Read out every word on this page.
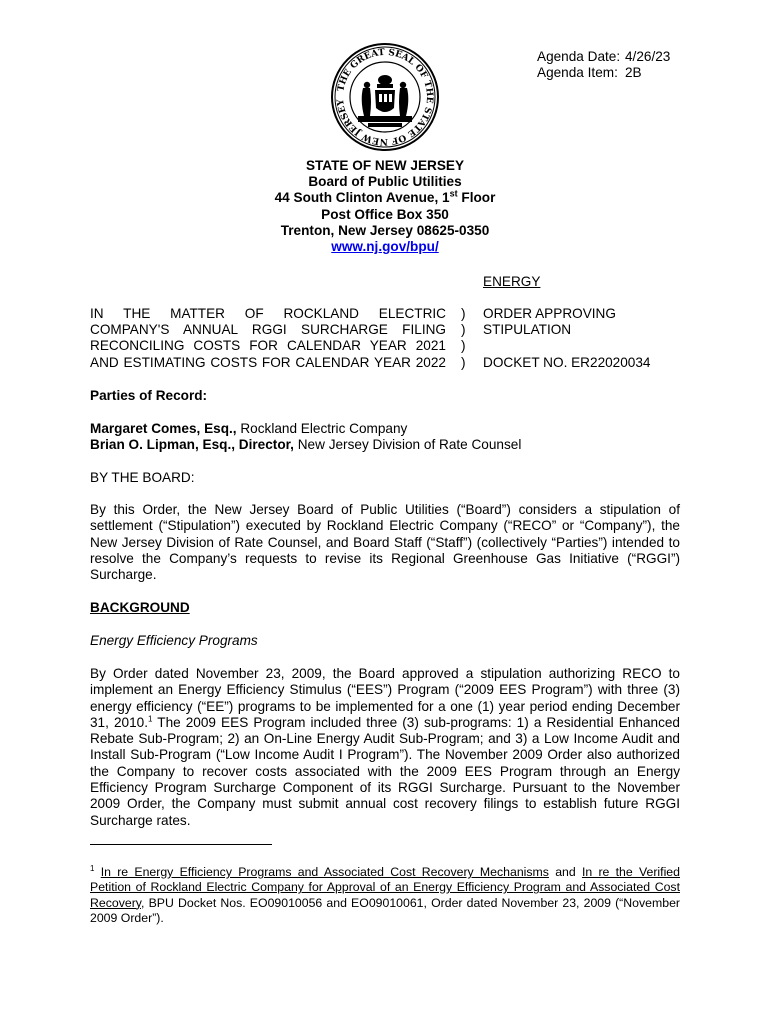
THE GREAT SEAL OF THE STATE OF NEW JERSEY
Agenda Date: 4/26/23
Agenda Item: 2B
STATE OF NEW JERSEY
Board of Public Utilities
44 South Clinton Avenue, 1st Floor
Post Office Box 350
Trenton, New Jersey 08625-0350
www.nj.gov/bpu/
ENERGY
IN THE MATTER OF ROCKLAND ELECTRIC
COMPANY'S ANNUAL RGGI SURCHARGE FILING
RECONCILING COSTS FOR CALENDAR YEAR 2021
AND ESTIMATING COSTS FOR CALENDAR YEAR 2022
)
)
)
)
ORDER APPROVING
STIPULATION

DOCKET NO. ER22020034
Parties of Record:
Margaret Comes, Esq., Rockland Electric Company
Brian O. Lipman, Esq., Director, New Jersey Division of Rate Counsel
BY THE BOARD:
By this Order, the New Jersey Board of Public Utilities (“Board”) considers a stipulation of settlement (“Stipulation”) executed by Rockland Electric Company (“RECO” or “Company”), the New Jersey Division of Rate Counsel, and Board Staff (“Staff”) (collectively “Parties”) intended to resolve the Company’s requests to revise its Regional Greenhouse Gas Initiative (“RGGI”) Surcharge.
BACKGROUND
Energy Efficiency Programs
By Order dated November 23, 2009, the Board approved a stipulation authorizing RECO to implement an Energy Efficiency Stimulus (“EES”) Program (“2009 EES Program”) with three (3) energy efficiency (“EE”) programs to be implemented for a one (1) year period ending December 31, 2010.$^1$ The 2009 EES Program included three (3) sub-programs: 1) a Residential Enhanced Rebate Sub-Program; 2) an On-Line Energy Audit Sub-Program; and 3) a Low Income Audit and Install Sub-Program (“Low Income Audit I Program”). The November 2009 Order also authorized the Company to recover costs associated with the 2009 EES Program through an Energy Efficiency Program Surcharge Component of its RGGI Surcharge. Pursuant to the November 2009 Order, the Company must submit annual cost recovery filings to establish future RGGI Surcharge rates.
$^1$ In re Energy Efficiency Programs and Associated Cost Recovery Mechanisms and In re the Verified Petition of Rockland Electric Company for Approval of an Energy Efficiency Program and Associated Cost Recovery, BPU Docket Nos. EO09010056 and EO09010061, Order dated November 23, 2009 (“November 2009 Order”).
